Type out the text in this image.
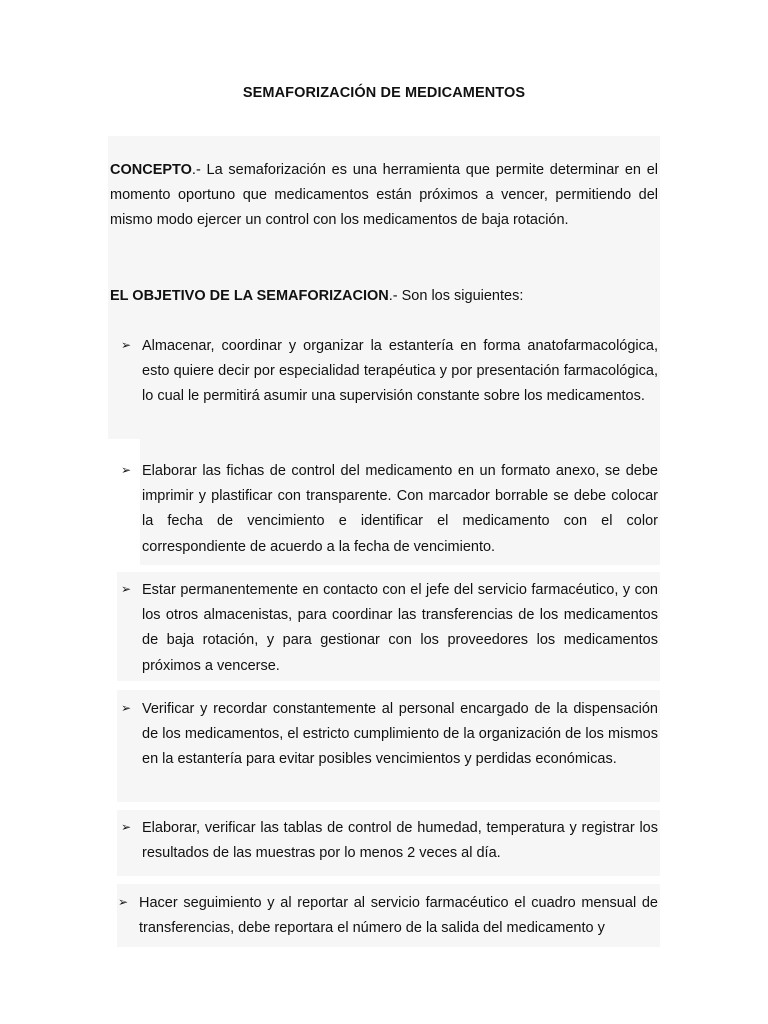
SEMAFORIZACIÓN DE MEDICAMENTOS
CONCEPTO.- La semaforización es una herramienta que permite determinar en el momento oportuno que medicamentos están próximos a vencer, permitiendo del mismo modo ejercer un control con los medicamentos de baja rotación.
EL OBJETIVO DE LA SEMAFORIZACION.- Son los siguientes:
➢ Almacenar, coordinar y organizar la estantería en forma anatofarmacológica, esto quiere decir por especialidad terapéutica y por presentación farmacológica, lo cual le permitirá asumir una supervisión constante sobre los medicamentos.
➢ Elaborar las fichas de control del medicamento en un formato anexo, se debe imprimir y plastificar con transparente. Con marcador borrable se debe colocar la fecha de vencimiento e identificar el medicamento con el color correspondiente de acuerdo a la fecha de vencimiento.
➢ Estar permanentemente en contacto con el jefe del servicio farmacéutico, y con los otros almacenistas, para coordinar las transferencias de los medicamentos de baja rotación, y para gestionar con los proveedores los medicamentos próximos a vencerse.
➢ Verificar y recordar constantemente al personal encargado de la dispensación de los medicamentos, el estricto cumplimiento de la organización de los mismos en la estantería para evitar posibles vencimientos y perdidas económicas.
➢ Elaborar, verificar las tablas de control de humedad, temperatura y registrar los resultados de las muestras por lo menos 2 veces al día.
➢ Hacer seguimiento y al reportar al servicio farmacéutico el cuadro mensual de transferencias, debe reportara el número de la salida del medicamento y
